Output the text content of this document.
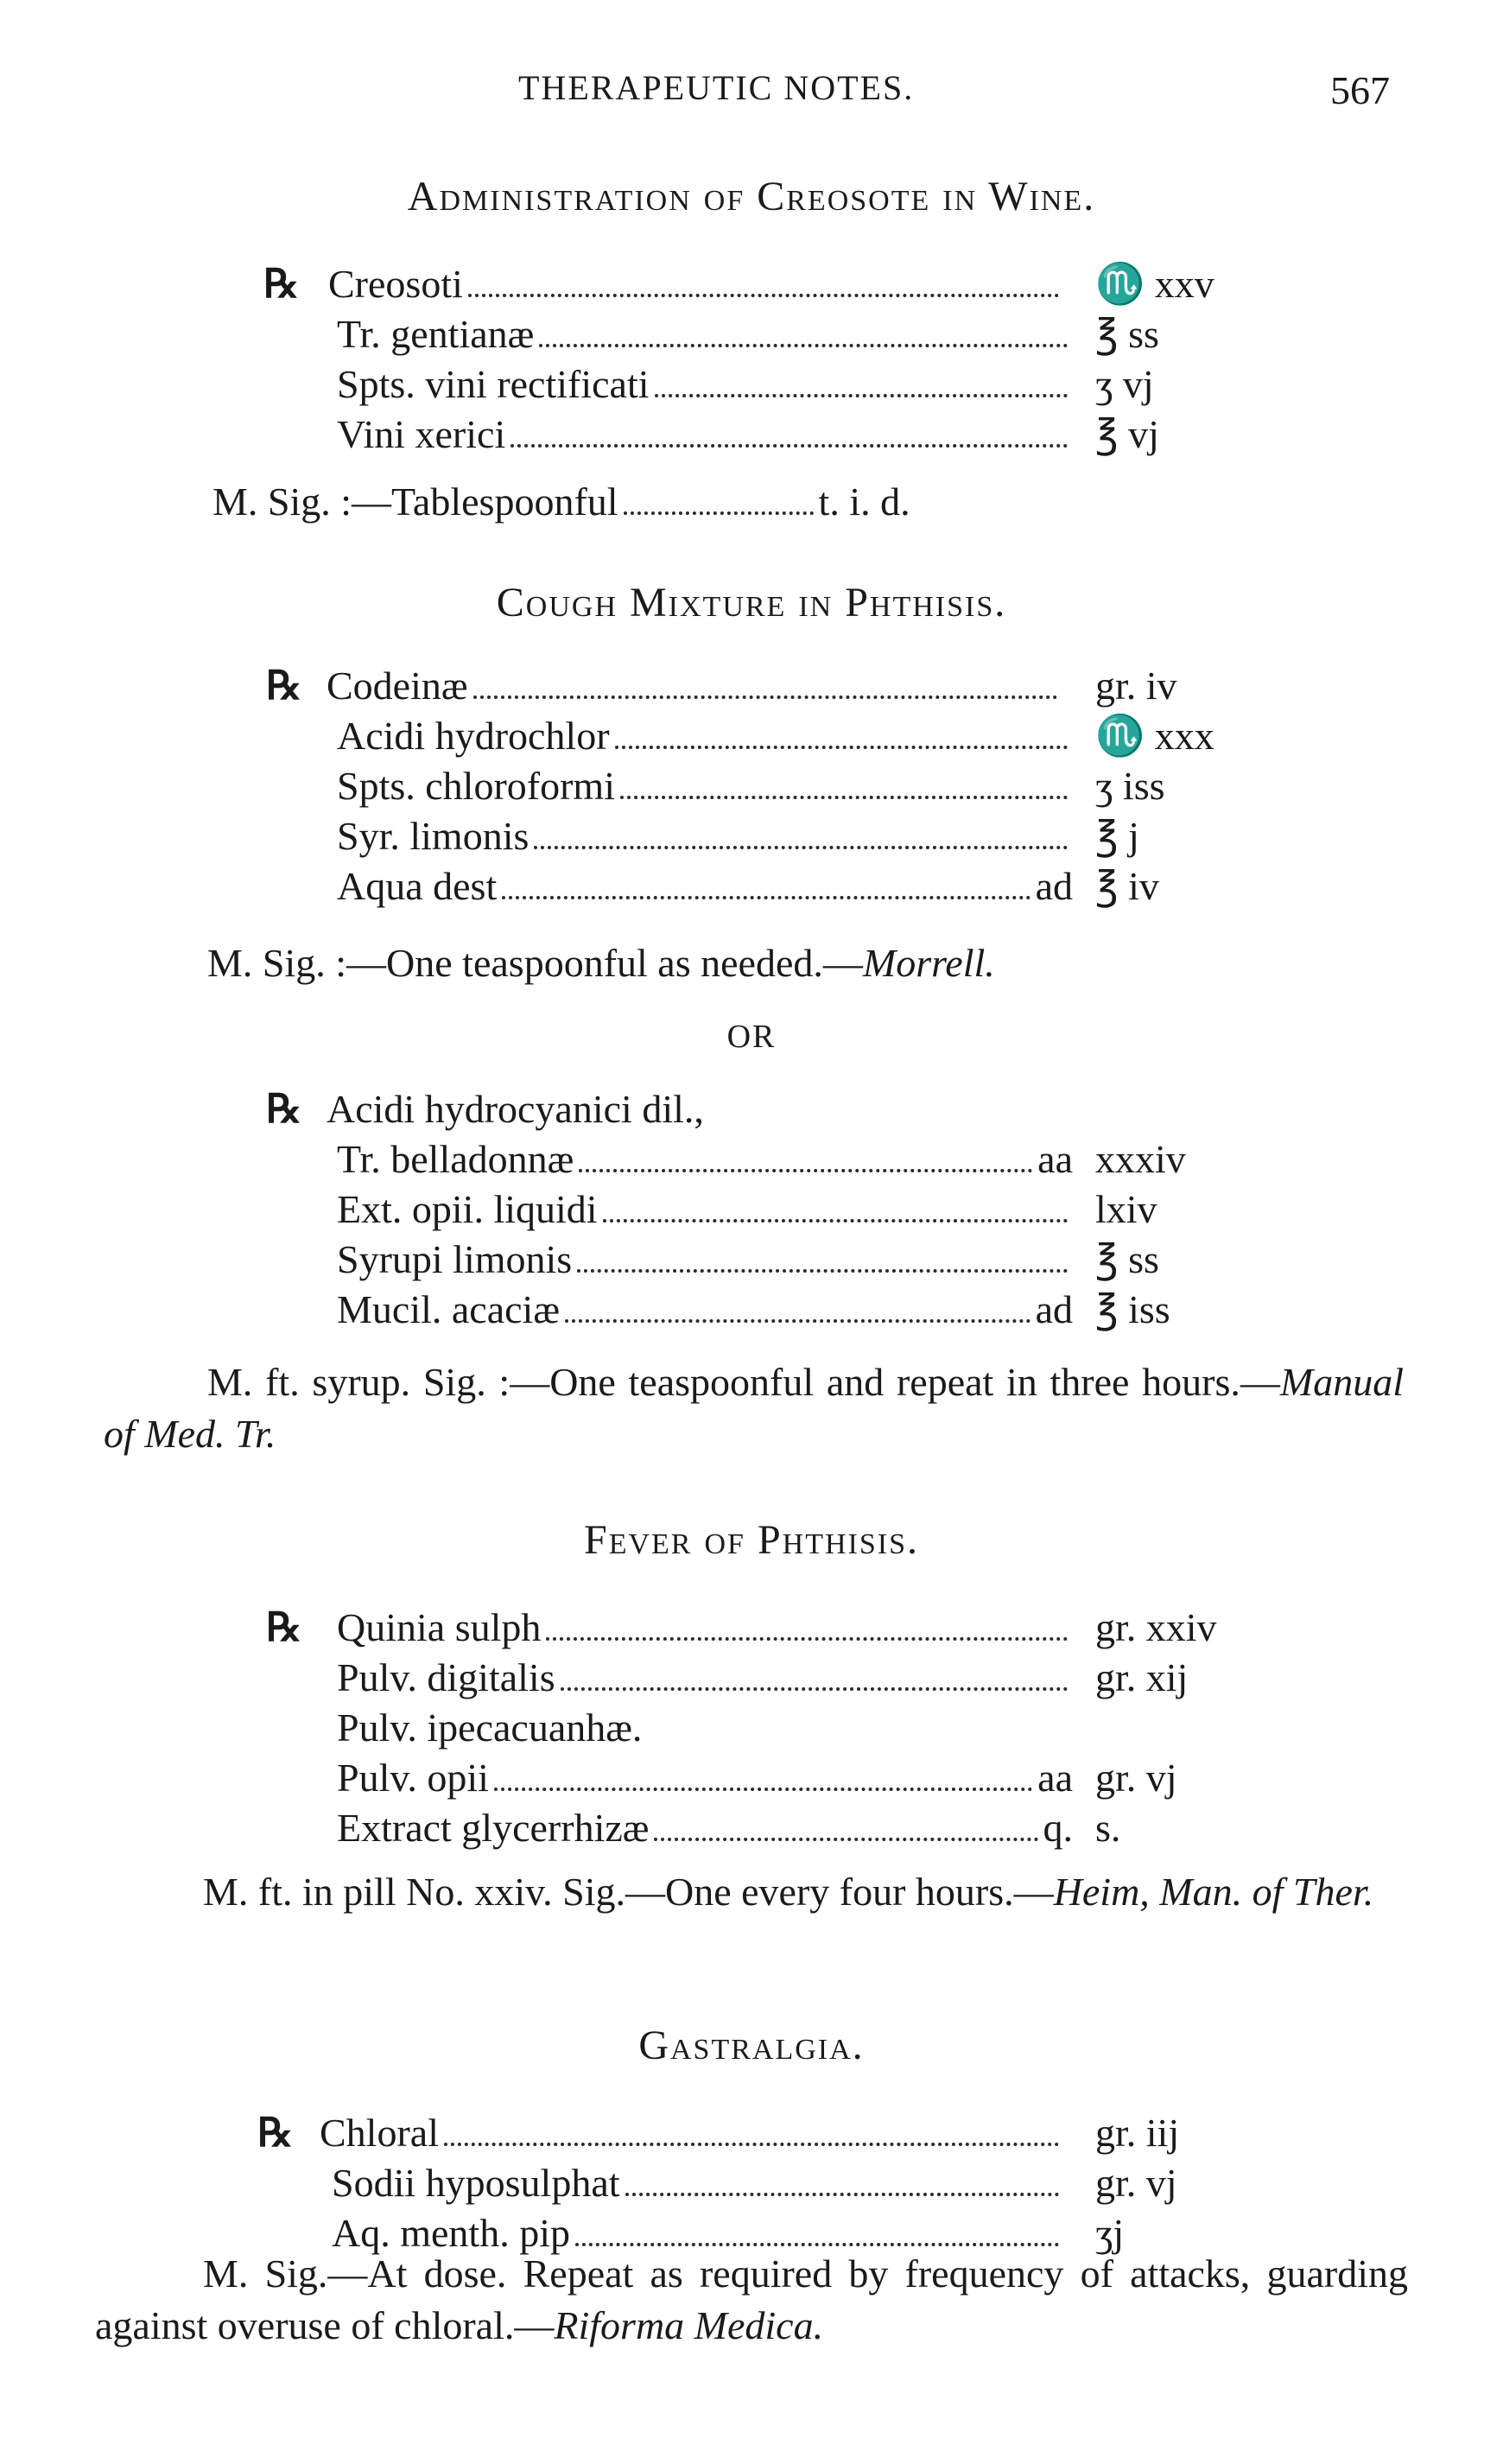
THERAPEUTIC NOTES.	567
Administration of Creosote in Wine.
℞ Creosoti	♏ xxv
Tr. gentianæ	℥ ss
Spts. vini rectificati	ʒ vj
Vini xerici	℥ vj
M. Sig. :—Tablespoonful	t. i. d.
Cough Mixture in Phthisis.
℞ Codeinæ	gr. iv
Acidi hydrochlor	♏ xxx
Spts. chloroformi	ʒ iss
Syr. limonis	℥ j
Aqua dest	ad ℥ iv
M. Sig. :—One teaspoonful as needed.—Morrell.
OR
℞ Acidi hydrocyanici dil.,
Tr. belladonnæ	aa xxxiv
Ext. opii. liquidi	lxiv
Syrupi limonis	℥ ss
Mucil. acaciæ	ad ℥ iss
M. ft. syrup. Sig. :—One teaspoonful and repeat in three hours.—Manual of Med. Tr.
Fever of Phthisis.
℞ Quinia sulph	gr. xxiv
Pulv. digitalis	gr. xij
Pulv. ipecacuanhæ.
Pulv. opii	aa gr. vj
Extract glycerrhizæ	q. s.
M. ft. in pill No. xxiv. Sig.—One every four hours.—Heim, Man. of Ther.
Gastralgia.
℞ Chloral	gr. iij
Sodii hyposulphat	gr. vj
Aq. menth. pip	ʒj
M. Sig.—At dose. Repeat as required by frequency of attacks, guarding against overuse of chloral.—Riforma Medica.
